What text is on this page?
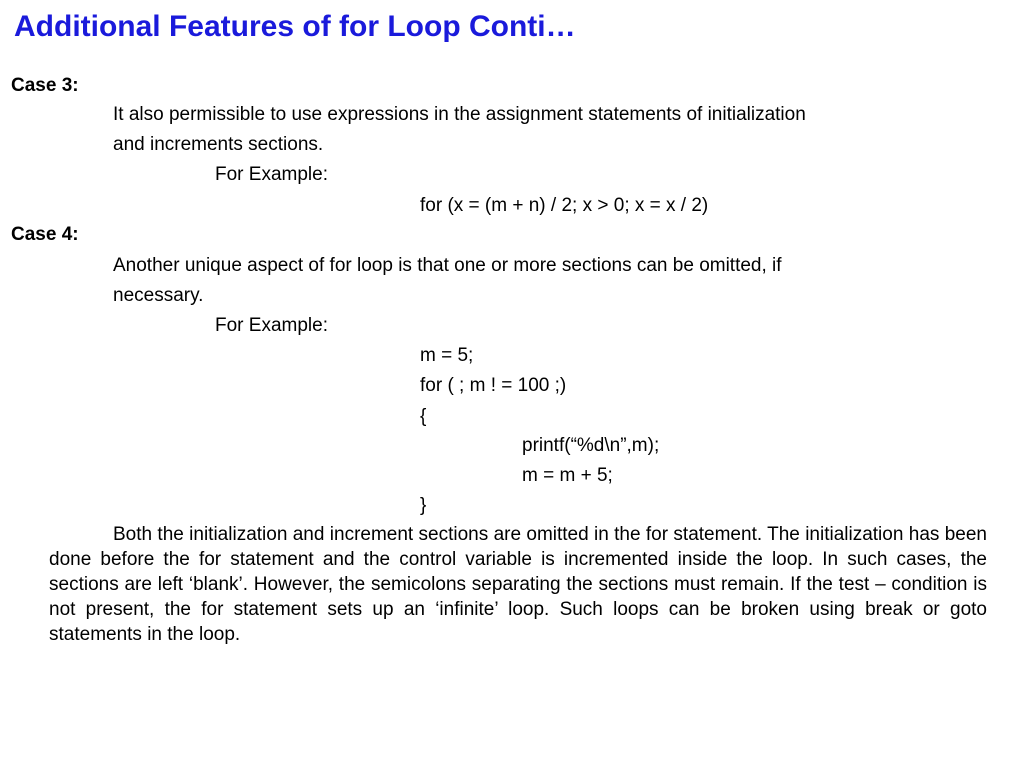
Additional Features of for Loop Conti…
Case 3:
It also permissible to use expressions in the assignment statements of initialization
and increments sections.
For Example:
for (x = (m + n) / 2; x > 0; x = x / 2)
Case 4:
Another unique aspect of for loop is that one or more sections can be omitted, if
necessary.
For Example:
m = 5;
for ( ; m ! = 100 ;)
{
printf(“%d\n”,m);
m = m + 5;
}

Both the initialization and increment sections are omitted in the for statement. The initialization has been done before the for statement and the control variable is incremented inside the loop. In such cases, the sections are left ‘blank’. However, the semicolons separating the sections must remain. If the test – condition is not present, the for statement sets up an ‘infinite’ loop. Such loops can be broken using break or goto statements in the loop.
